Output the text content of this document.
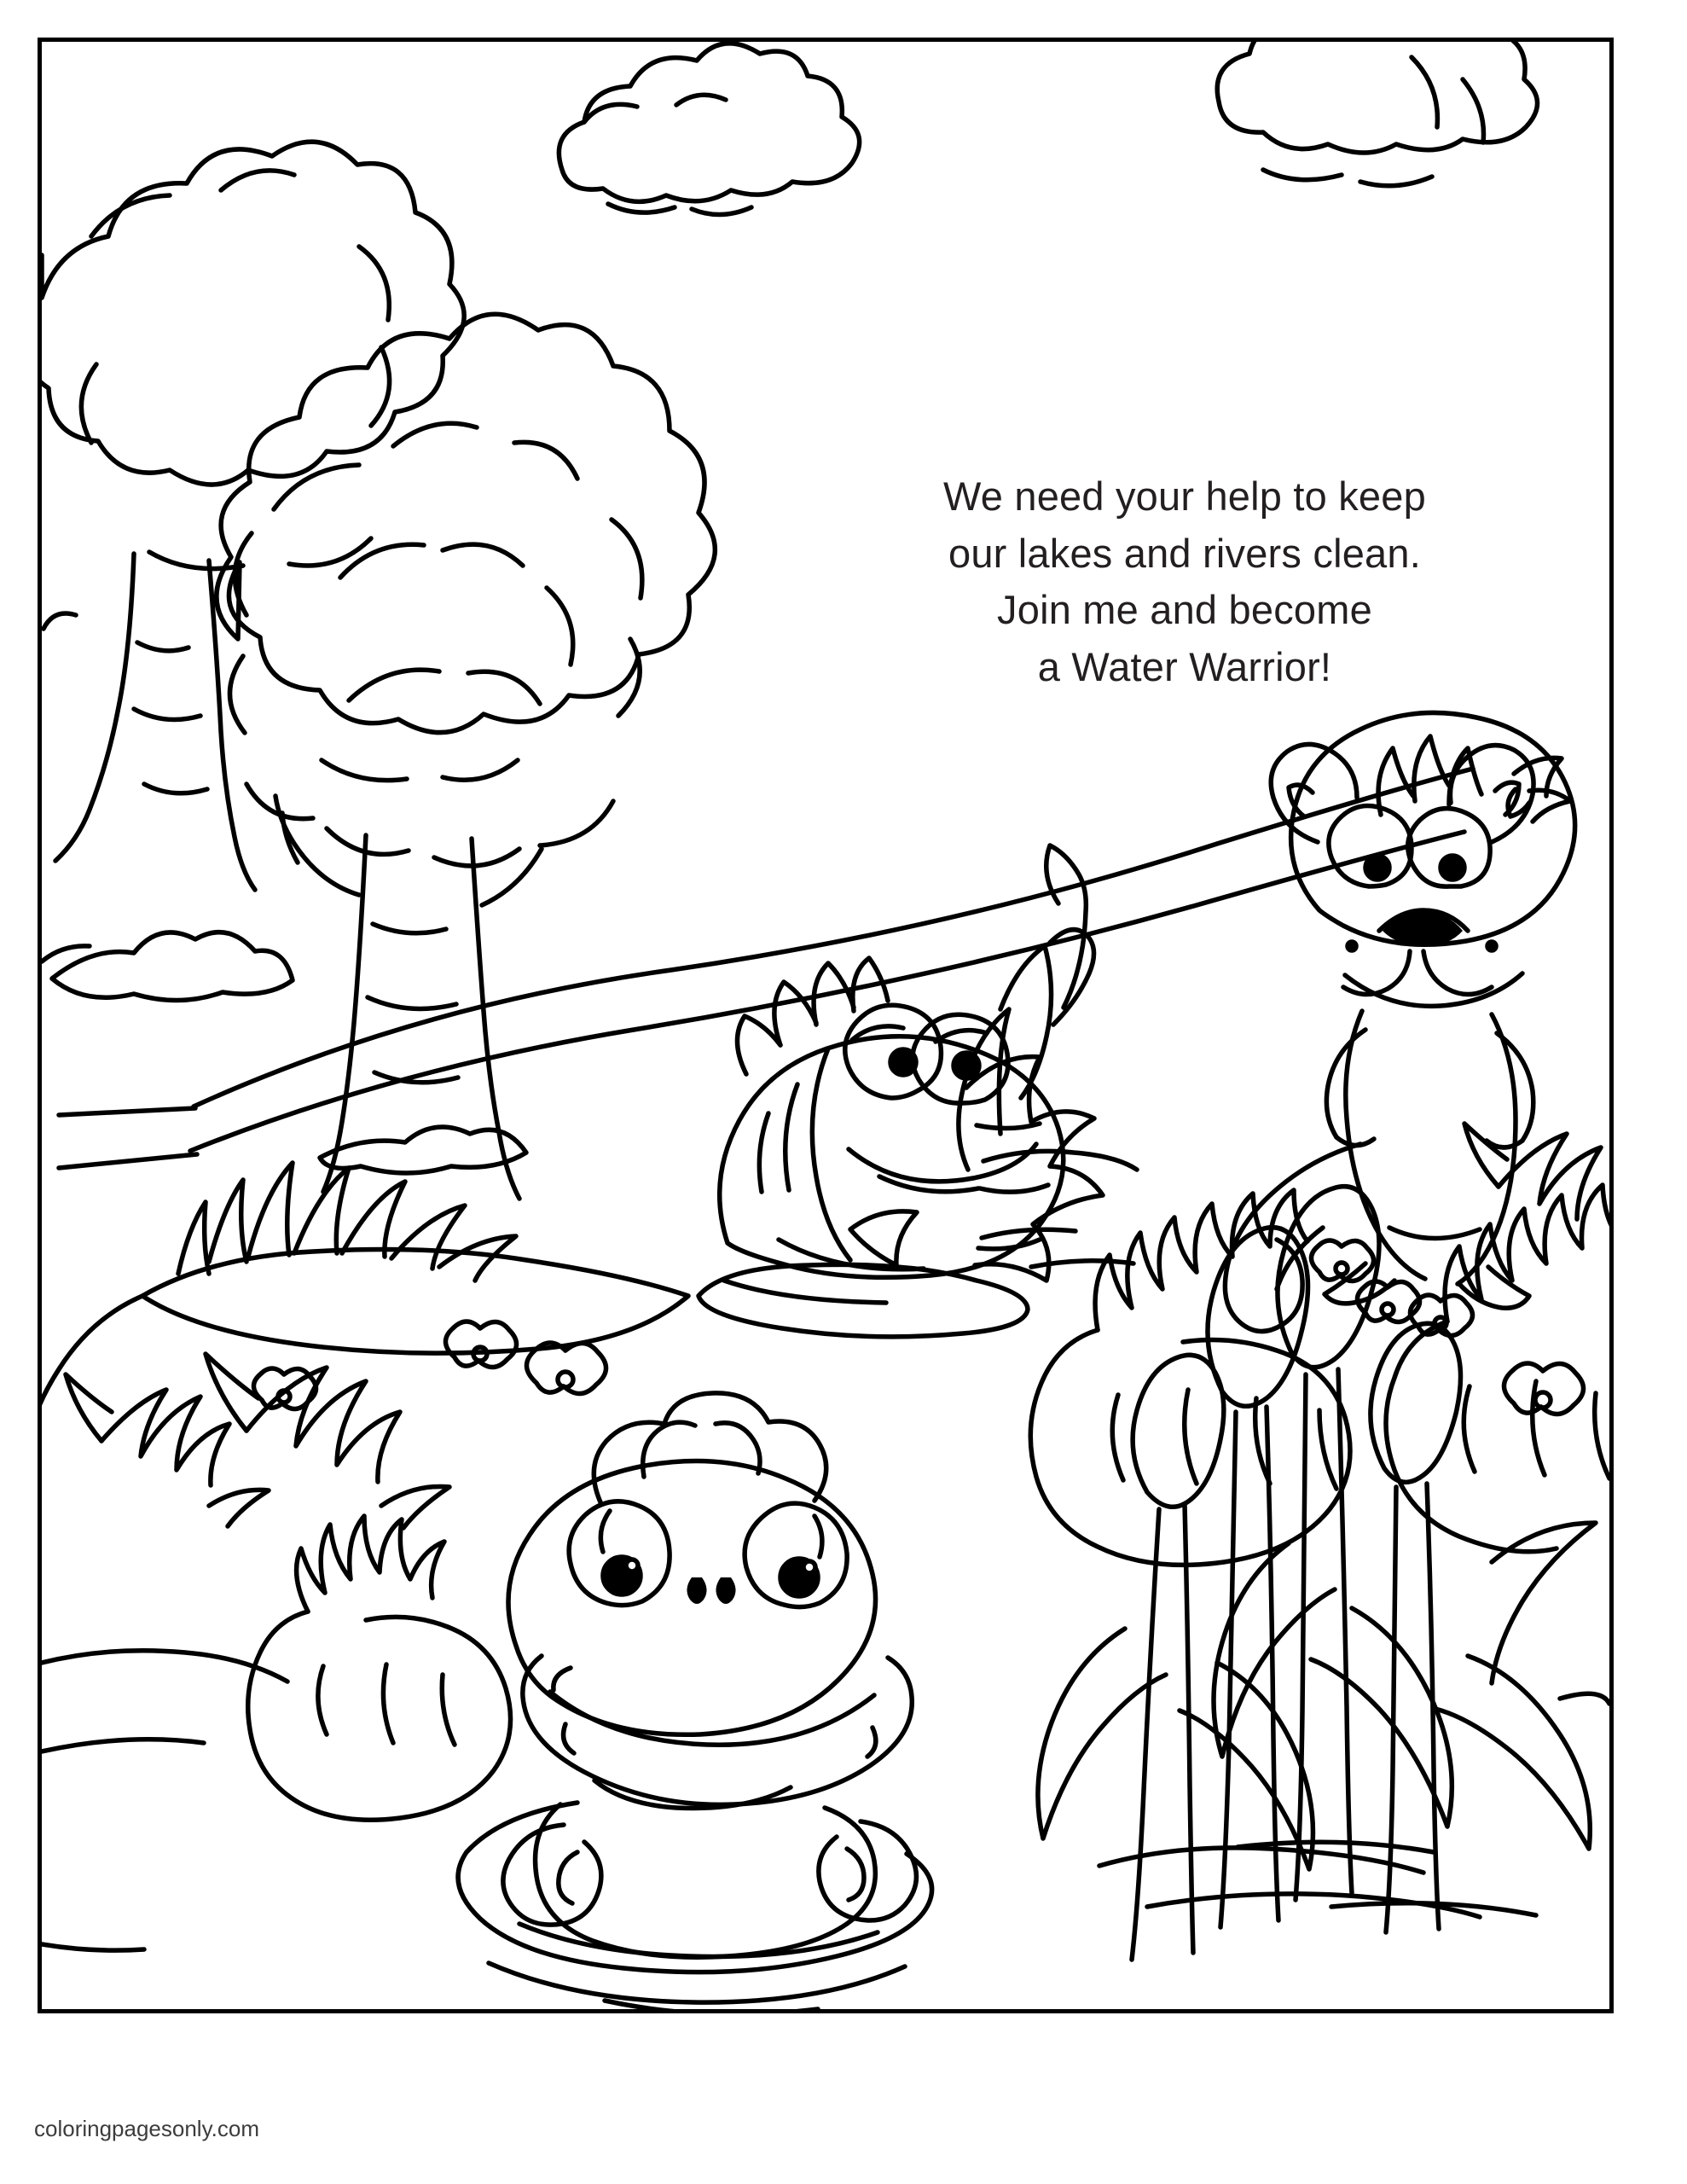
We need your help to keep
our lakes and rivers clean.
Join me and become
a Water Warrior!
coloringpagesonly.com
